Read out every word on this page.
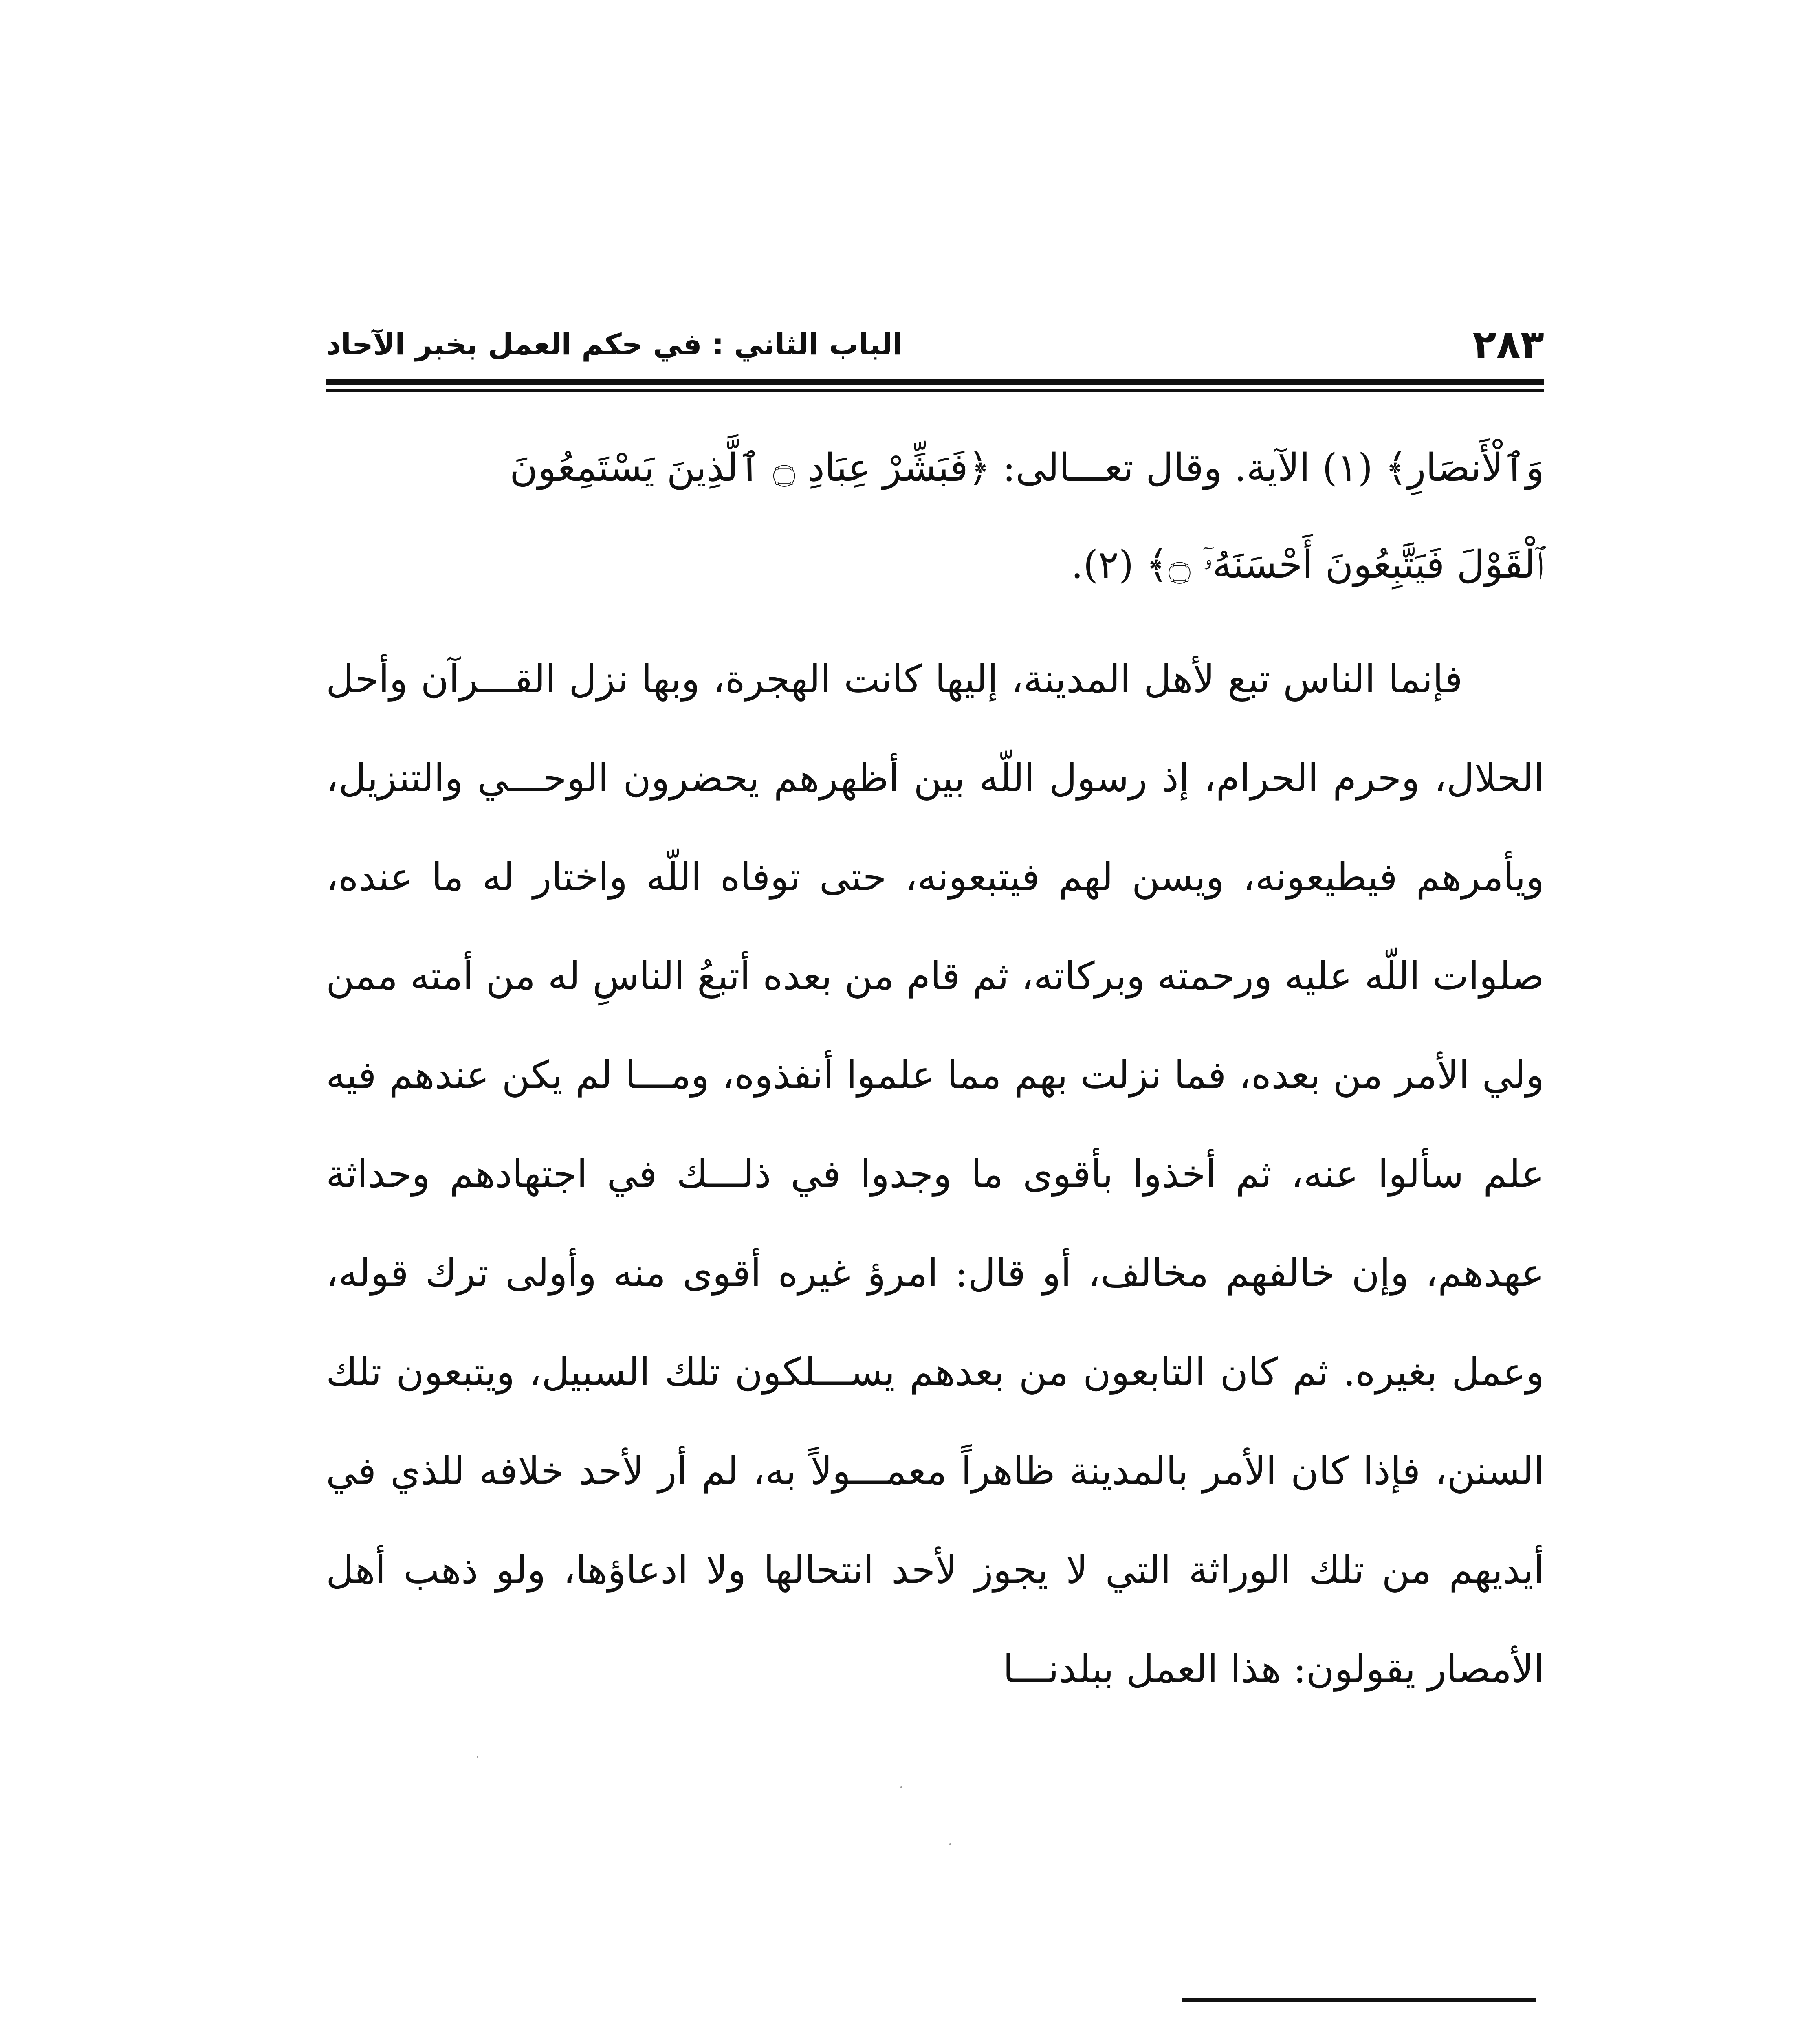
٢٨٣
الباب الثاني : في حكم العمل بخبر الآحاد

وَٱلْأَنصَارِ﴾ (١) الآية. وقال تعـــالى: ﴿فَبَشِّرْ عِبَادِ ۝ ٱلَّذِينَ يَسْتَمِعُونَ

ٱلْقَوْلَ فَيَتَّبِعُونَ أَحْسَنَهُۥٓ ۝﴾ (٢).

فإنما الناس تبع لأهل المدينة، إليها كانت الهجرة، وبها نزل القـــرآن وأحل الحلال، وحرم الحرام، إذ رسول اللّه بين أظهرهم يحضرون الوحـــي والتنزيل، ويأمرهم فيطيعونه، ويسن لهم فيتبعونه، حتى توفاه اللّه واختار له ما عنده، صلوات اللّه عليه ورحمته وبركاته، ثم قام من بعده أتبعُ الناسِ له من أمته ممن ولي الأمر من بعده، فما نزلت بهم مما علموا أنفذوه، ومـــا لم يكن عندهم فيه علم سألوا عنه، ثم أخذوا بأقوى ما وجدوا في ذلـــك في اجتهادهم وحداثة عهدهم، وإن خالفهم مخالف، أو قال: امرؤ غيره أقوى منه وأولى ترك قوله، وعمل بغيره. ثم كان التابعون من بعدهم يســـلكون تلك السبيل، ويتبعون تلك السنن، فإذا كان الأمر بالمدينة ظاهراً معمـــولاً به، لم أر لأحد خلافه للذي في أيديهم من تلك الوراثة التي لا يجوز لأحد انتحالها ولا ادعاؤها، ولو ذهب أهل الأمصار يقولون: هذا العمل ببلدنـــا
